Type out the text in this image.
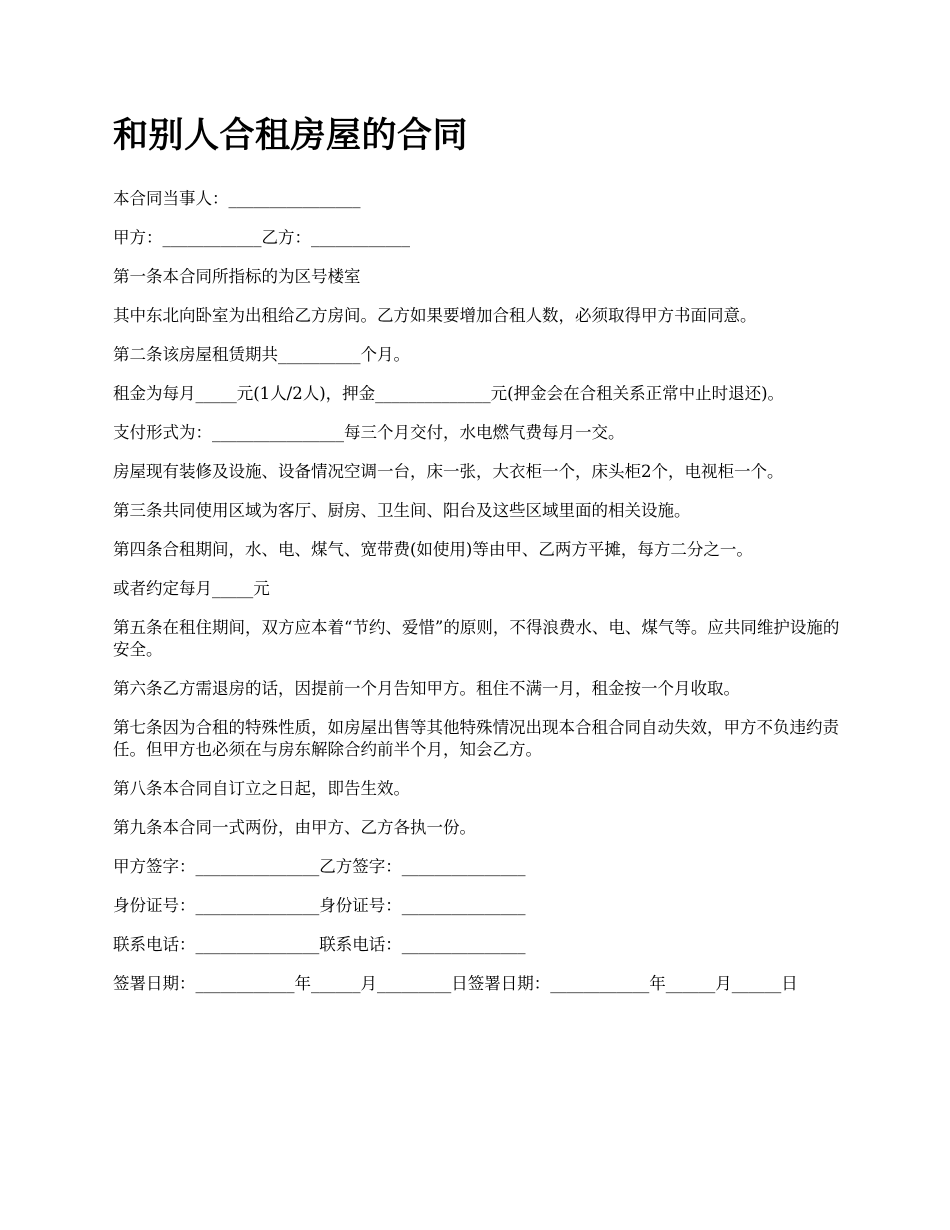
和别人合租房屋的合同

本合同当事人：________________

甲方：____________乙方：____________

第一条本合同所指标的为区号楼室

其中东北向卧室为出租给乙方房间。乙方如果要增加合租人数，必须取得甲方书面同意。

第二条该房屋租赁期共__________个月。

租金为每月_____元(1人/2人)，押金______________元(押金会在合租关系正常中止时退还)。

支付形式为：________________每三个月交付，水电燃气费每月一交。

房屋现有装修及设施、设备情况空调一台，床一张，大衣柜一个，床头柜2个，电视柜一个。

第三条共同使用区域为客厅、厨房、卫生间、阳台及这些区域里面的相关设施。

第四条合租期间，水、电、煤气、宽带费(如使用)等由甲、乙两方平摊，每方二分之一。

或者约定每月_____元

第五条在租住期间，双方应本着“节约、爱惜”的原则，不得浪费水、电、煤气等。应共同维护设施的安全。

第六条乙方需退房的话，因提前一个月告知甲方。租住不满一月，租金按一个月收取。

第七条因为合租的特殊性质，如房屋出售等其他特殊情况出现本合租合同自动失效，甲方不负违约责任。但甲方也必须在与房东解除合约前半个月，知会乙方。

第八条本合同自订立之日起，即告生效。

第九条本合同一式两份，由甲方、乙方各执一份。

甲方签字：_______________乙方签字：_______________

身份证号：_______________身份证号：_______________

联系电话：_______________联系电话：_______________

签署日期：____________年______月_________日签署日期：____________年______月______日
